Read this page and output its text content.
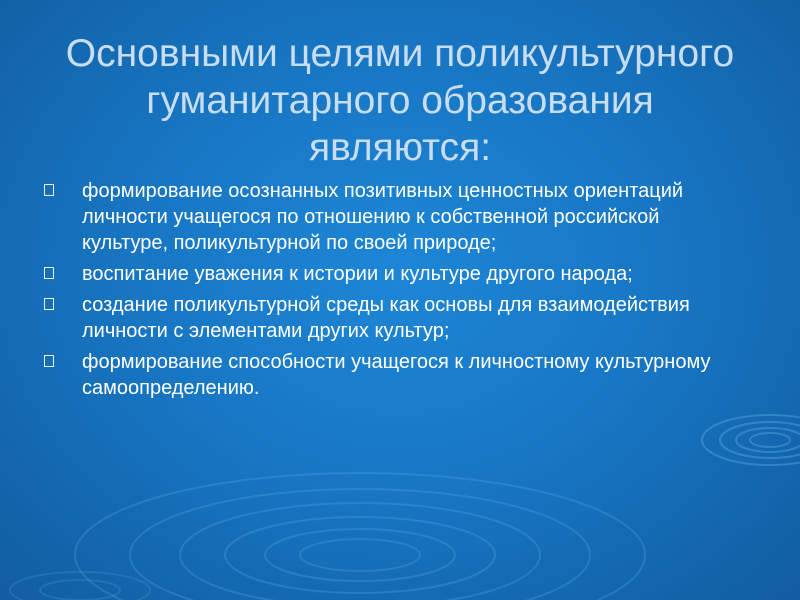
Основными целями поликультурного гуманитарного образования являются:
формирование осознанных позитивных ценностных ориентаций личности учащегося по отношению к собственной российской культуре, поликультурной по своей природе;
воспитание уважения к истории и культуре другого народа;
создание поликультурной среды как основы для взаимодействия личности с элементами других культур;
формирование способности учащегося к личностному культурному самоопределению.
